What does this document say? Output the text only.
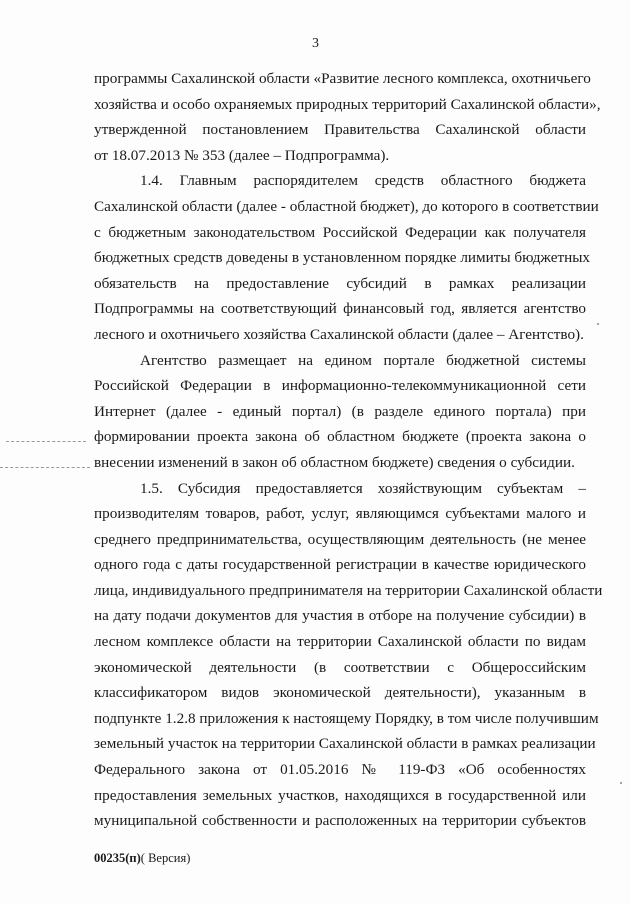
3
программы Сахалинской области «Развитие лесного комплекса, охотничьего
хозяйства и особо охраняемых природных территорий Сахалинской области»,
утвержденной постановлением Правительства Сахалинской области
от 18.07.2013 № 353 (далее – Подпрограмма).
1.4. Главным распорядителем средств областного бюджета
Сахалинской области (далее - областной бюджет), до которого в соответствии
с бюджетным законодательством Российской Федерации как получателя
бюджетных средств доведены в установленном порядке лимиты бюджетных
обязательств на предоставление субсидий в рамках реализации
Подпрограммы на соответствующий финансовый год, является агентство
лесного и охотничьего хозяйства Сахалинской области (далее – Агентство).
Агентство размещает на едином портале бюджетной системы
Российской Федерации в информационно-телекоммуникационной сети
Интернет (далее - единый портал) (в разделе единого портала) при
формировании проекта закона об областном бюджете (проекта закона о
внесении изменений в закон об областном бюджете) сведения о субсидии.
1.5. Субсидия предоставляется хозяйствующим субъектам –
производителям товаров, работ, услуг, являющимся субъектами малого и
среднего предпринимательства, осуществляющим деятельность (не менее
одного года с даты государственной регистрации в качестве юридического
лица, индивидуального предпринимателя на территории Сахалинской области
на дату подачи документов для участия в отборе на получение субсидии) в
лесном комплексе области на территории Сахалинской области по видам
экономической деятельности (в соответствии с Общероссийским
классификатором видов экономической деятельности), указанным в
подпункте 1.2.8 приложения к настоящему Порядку, в том числе получившим
земельный участок на территории Сахалинской области в рамках реализации
Федерального закона от 01.05.2016 № 119-ФЗ «Об особенностях
предоставления земельных участков, находящихся в государственной или
муниципальной собственности и расположенных на территории субъектов
00235(п)( Версия)
